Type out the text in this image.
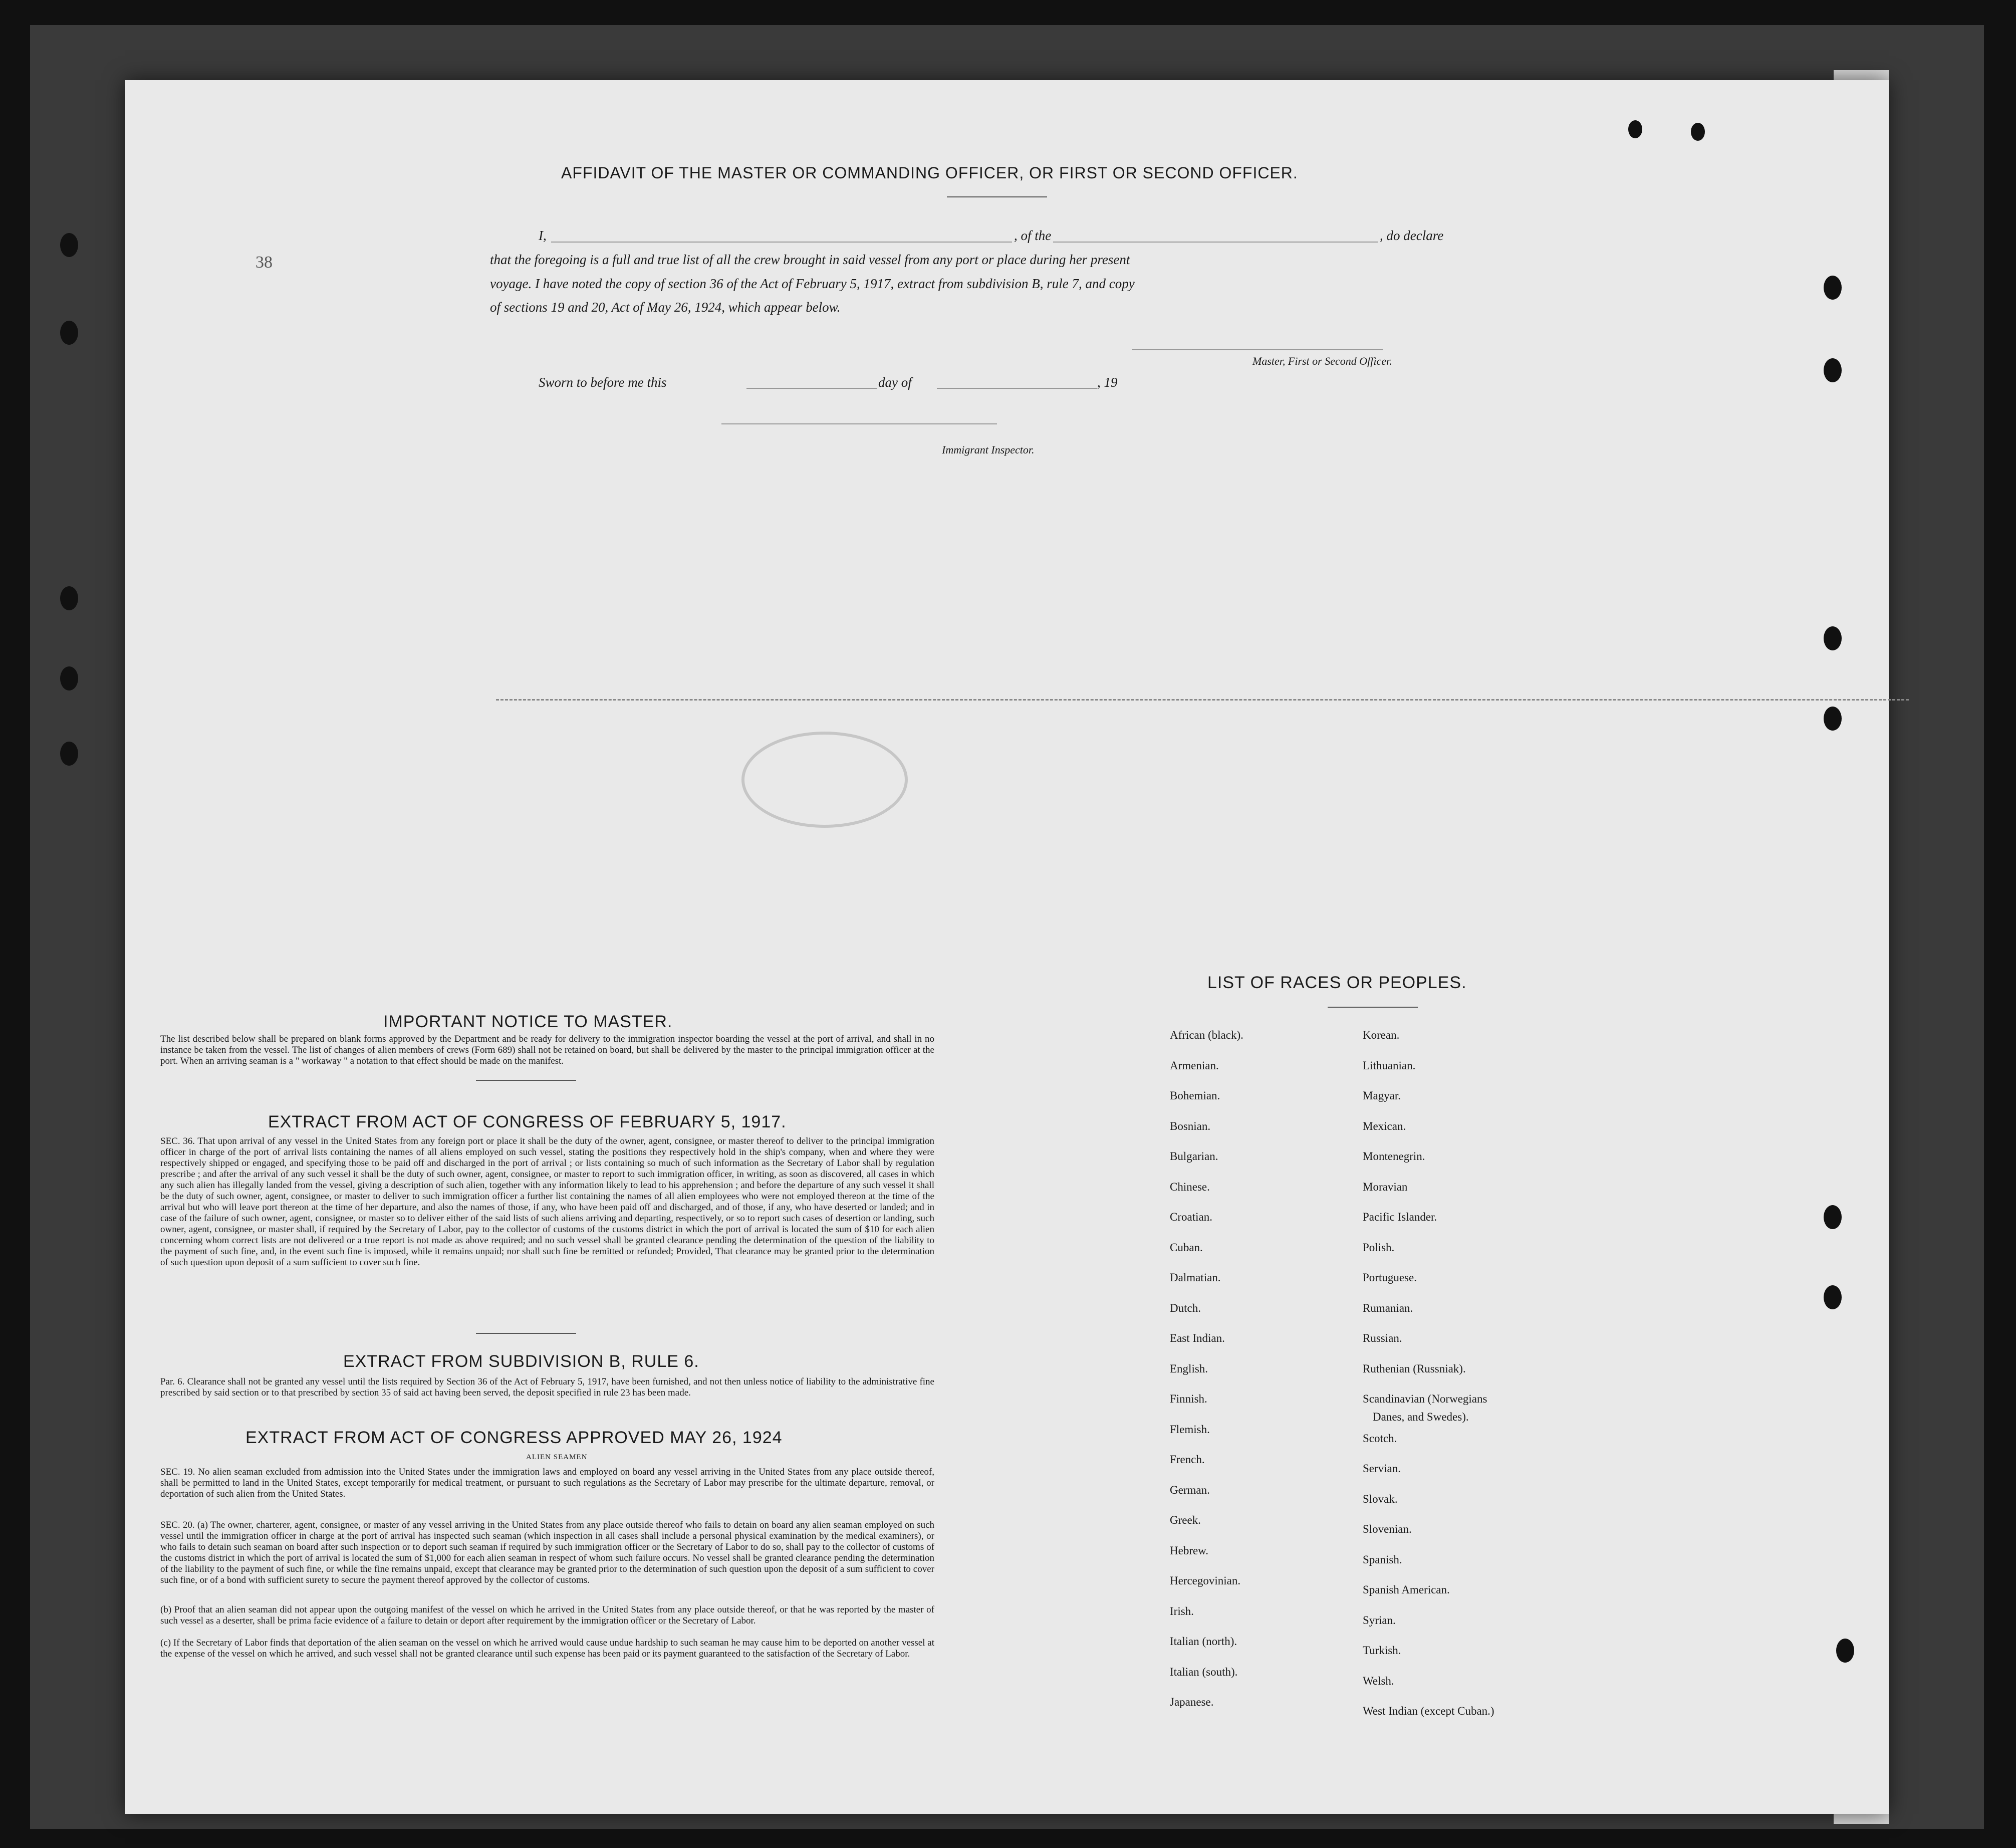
38
AFFIDAVIT OF THE MASTER OR COMMANDING OFFICER, OR FIRST OR SECOND OFFICER.
I,	, of the	, do declare
that the foregoing is a full and true list of all the crew brought in said vessel from any port or place during her present
voyage. I have noted the copy of section 36 of the Act of February 5, 1917, extract from subdivision B, rule 7, and copy
of sections 19 and 20, Act of May 26, 1924, which appear below.
Master, First or Second Officer.
Sworn to before me this	day of	, 19
Immigrant Inspector.
IMPORTANT NOTICE TO MASTER.
The list described below shall be prepared on blank forms approved by the Department and be ready for delivery to the immigration inspector boarding the vessel at the port of arrival, and shall in no instance be taken from the vessel. The list of changes of alien members of crews (Form 689) shall not be retained on board, but shall be delivered by the master to the principal immigration officer at the port. When an arriving seaman is a " workaway " a notation to that effect should be made on the manifest.
EXTRACT FROM ACT OF CONGRESS OF FEBRUARY 5, 1917.
SEC. 36. That upon arrival of any vessel in the United States from any foreign port or place it shall be the duty of the owner, agent, consignee, or master thereof to deliver to the principal immigration officer in charge of the port of arrival lists containing the names of all aliens employed on such vessel, stating the positions they respectively hold in the ship's company, when and where they were respectively shipped or engaged, and specifying those to be paid off and discharged in the port of arrival ; or lists containing so much of such information as the Secretary of Labor shall by regulation prescribe ; and after the arrival of any such vessel it shall be the duty of such owner, agent, consignee, or master to report to such immigration officer, in writing, as soon as discovered, all cases in which any such alien has illegally landed from the vessel, giving a description of such alien, together with any information likely to lead to his apprehension ; and before the departure of any such vessel it shall be the duty of such owner, agent, consignee, or master to deliver to such immigration officer a further list containing the names of all alien employees who were not employed thereon at the time of the arrival but who will leave port thereon at the time of her departure, and also the names of those, if any, who have been paid off and discharged, and of those, if any, who have deserted or landed; and in case of the failure of such owner, agent, consignee, or master so to deliver either of the said lists of such aliens arriving and departing, respectively, or so to report such cases of desertion or landing, such owner, agent, consignee, or master shall, if required by the Secretary of Labor, pay to the collector of customs of the customs district in which the port of arrival is located the sum of $10 for each alien concerning whom correct lists are not delivered or a true report is not made as above required; and no such vessel shall be granted clearance pending the determination of the question of the liability to the payment of such fine, and, in the event such fine is imposed, while it remains unpaid; nor shall such fine be remitted or refunded; Provided, That clearance may be granted prior to the determination of such question upon deposit of a sum sufficient to cover such fine.
EXTRACT FROM SUBDIVISION B, RULE 6.
Par. 6. Clearance shall not be granted any vessel until the lists required by Section 36 of the Act of February 5, 1917, have been furnished, and not then unless notice of liability to the administrative fine prescribed by said section or to that prescribed by section 35 of said act having been served, the deposit specified in rule 23 has been made.
EXTRACT FROM ACT OF CONGRESS APPROVED MAY 26, 1924
ALIEN SEAMEN
SEC. 19. No alien seaman excluded from admission into the United States under the immigration laws and employed on board any vessel arriving in the United States from any place outside thereof, shall be permitted to land in the United States, except temporarily for medical treatment, or pursuant to such regulations as the Secretary of Labor may prescribe for the ultimate departure, removal, or deportation of such alien from the United States.
SEC. 20. (a) The owner, charterer, agent, consignee, or master of any vessel arriving in the United States from any place outside thereof who fails to detain on board any alien seaman employed on such vessel until the immigration officer in charge at the port of arrival has inspected such seaman (which inspection in all cases shall include a personal physical examination by the medical examiners), or who fails to detain such seaman on board after such inspection or to deport such seaman if required by such immigration officer or the Secretary of Labor to do so, shall pay to the collector of customs of the customs district in which the port of arrival is located the sum of $1,000 for each alien seaman in respect of whom such failure occurs. No vessel shall be granted clearance pending the determination of the liability to the payment of such fine, or while the fine remains unpaid, except that clearance may be granted prior to the determination of such question upon the deposit of a sum sufficient to cover such fine, or of a bond with sufficient surety to secure the payment thereof approved by the collector of customs.
(b) Proof that an alien seaman did not appear upon the outgoing manifest of the vessel on which he arrived in the United States from any place outside thereof, or that he was reported by the master of such vessel as a deserter, shall be prima facie evidence of a failure to detain or deport after requirement by the immigration officer or the Secretary of Labor.
(c) If the Secretary of Labor finds that deportation of the alien seaman on the vessel on which he arrived would cause undue hardship to such seaman he may cause him to be deported on another vessel at the expense of the vessel on which he arrived, and such vessel shall not be granted clearance until such expense has been paid or its payment guaranteed to the satisfaction of the Secretary of Labor.
LIST OF RACES OR PEOPLES.
African (black).
Armenian.
Bohemian.
Bosnian.
Bulgarian.
Chinese.
Croatian.
Cuban.
Dalmatian.
Dutch.
East Indian.
English.
Finnish.
Flemish.
French.
German.
Greek.
Hebrew.
Hercegovinian.
Irish.
Italian (north).
Italian (south).
Japanese.
Korean.
Lithuanian.
Magyar.
Mexican.
Montenegrin.
Moravian
Pacific Islander.
Polish.
Portuguese.
Rumanian.
Russian.
Ruthenian (Russniak).
Scandinavian (Norwegians
Scotch.
Servian.
Slovak.
Slovenian.
Spanish.
Spanish American.
Syrian.
Turkish.
Welsh.
West Indian (except Cuban.)
Danes, and Swedes).
